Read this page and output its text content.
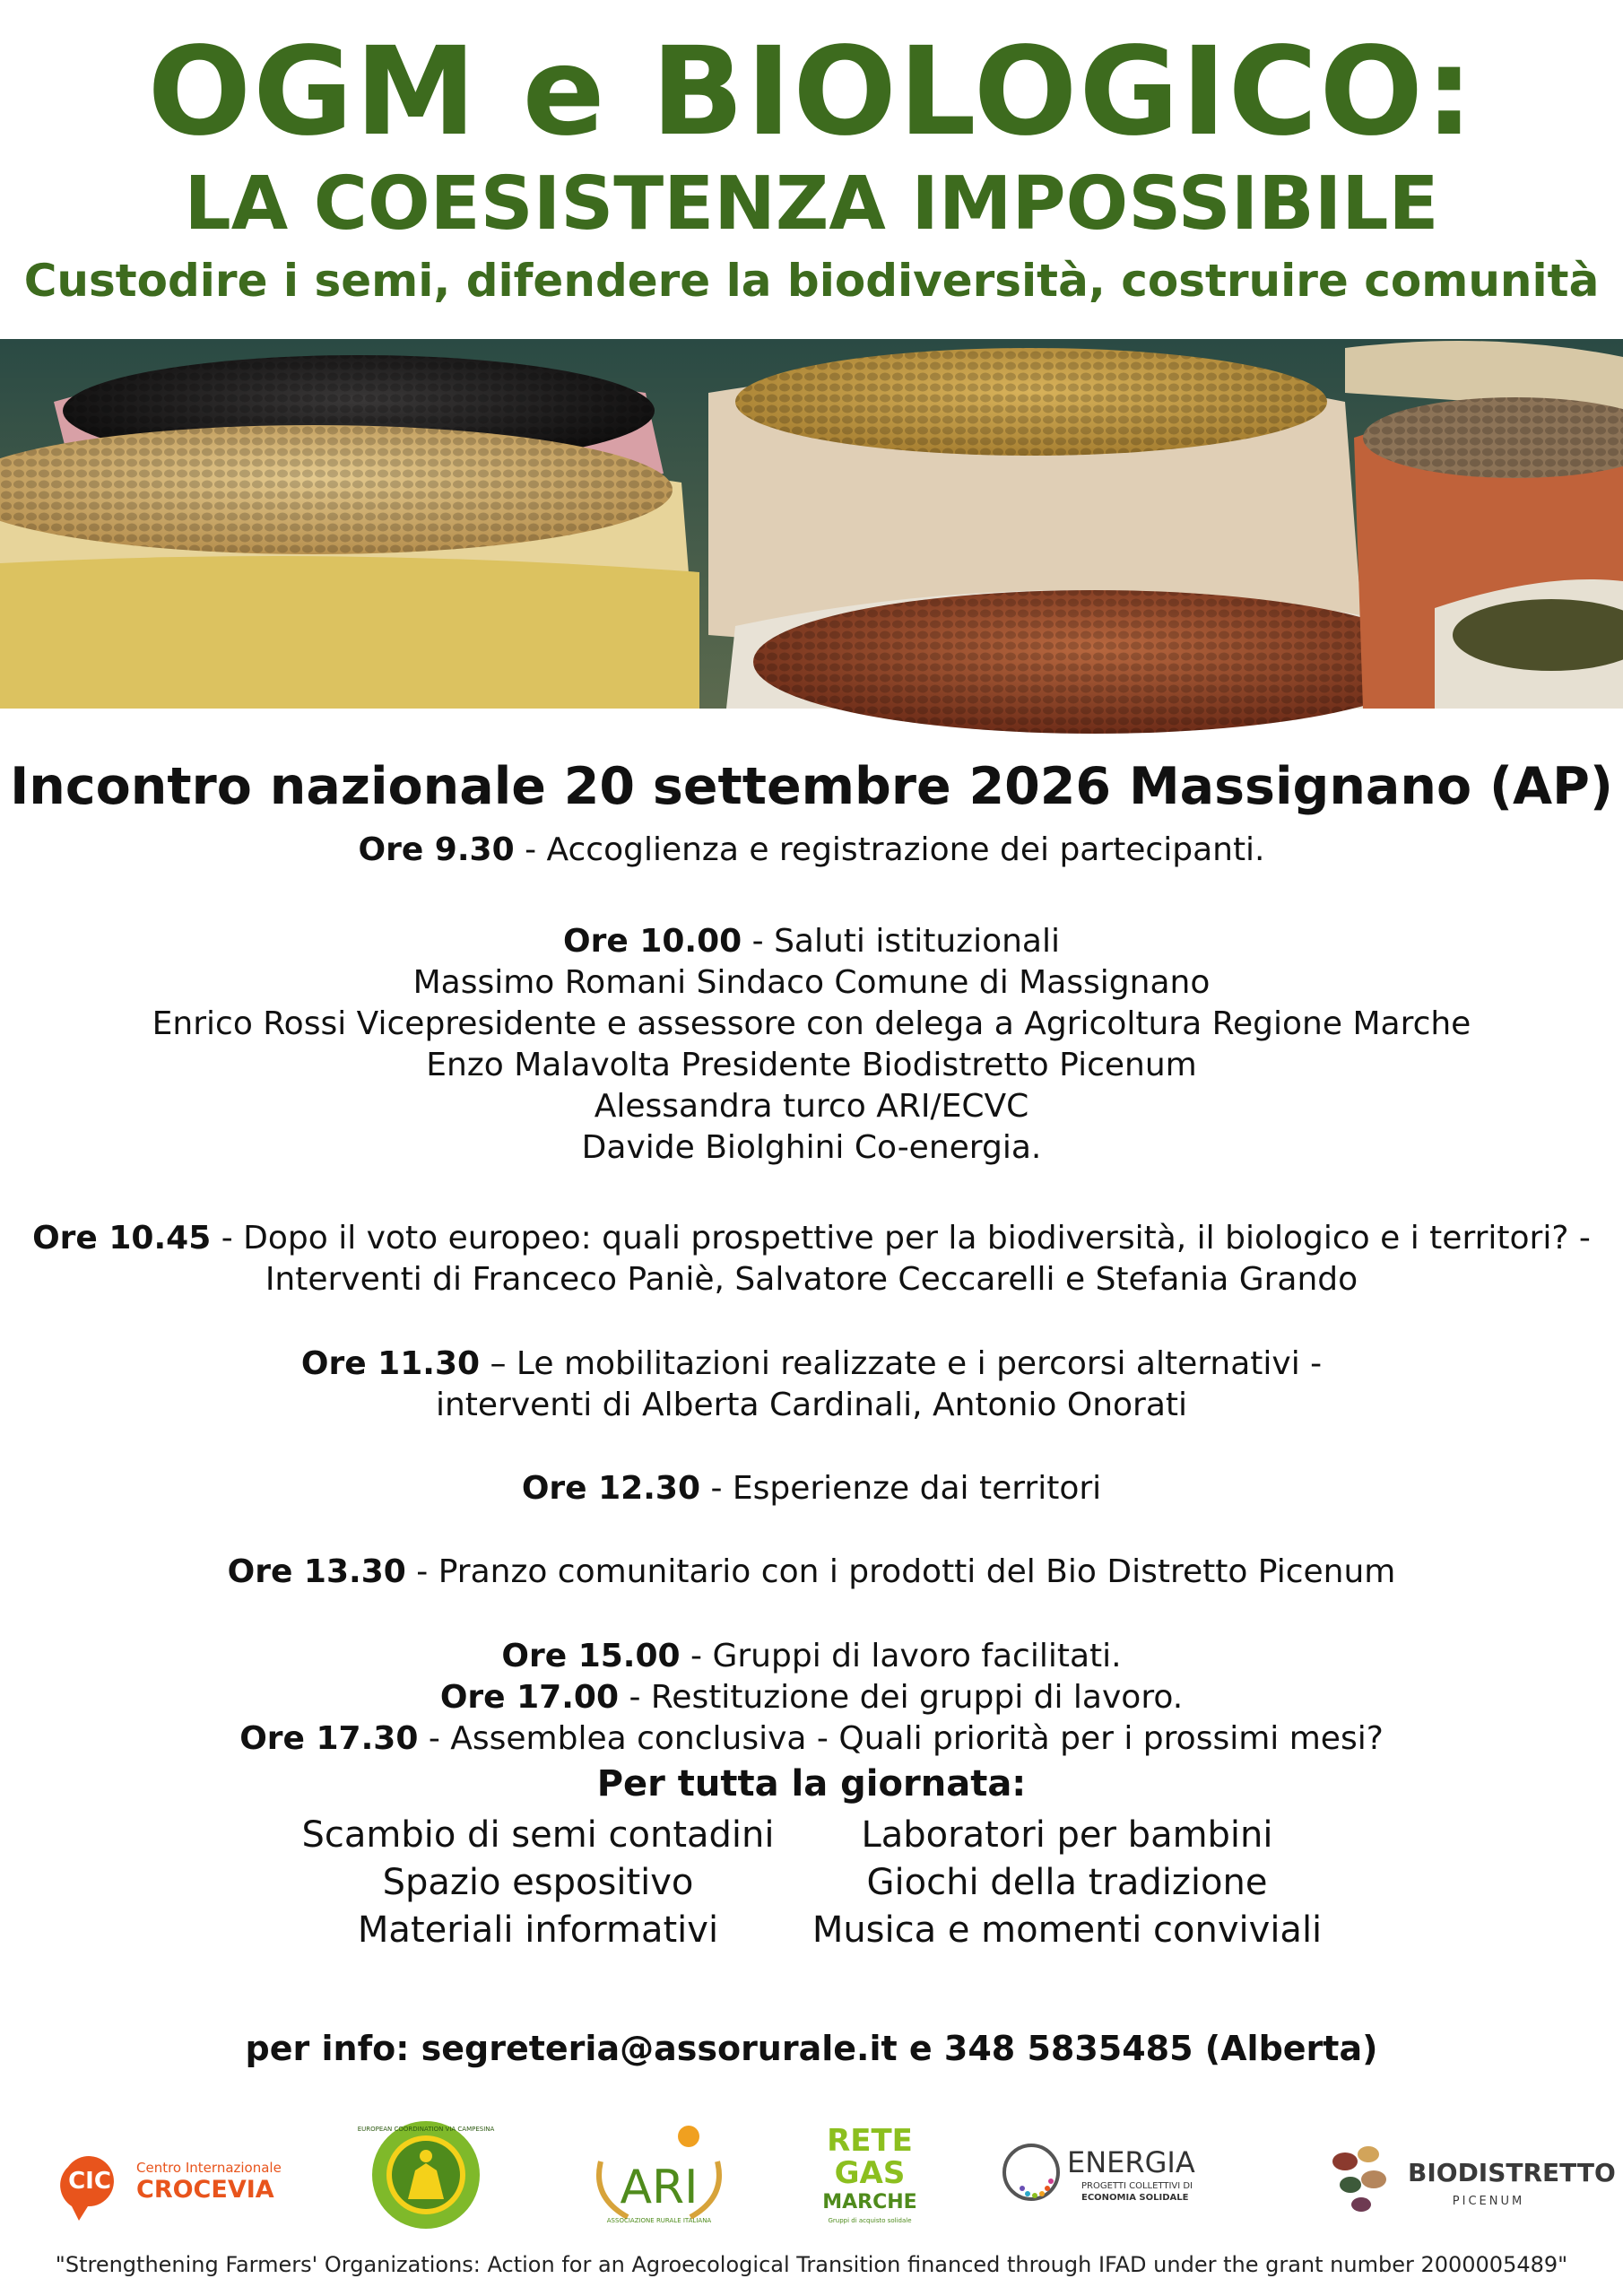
OGM e BIOLOGICO:
LA COESISTENZA IMPOSSIBILE
Custodire i semi, difendere la biodiversità, costruire comunità
Incontro nazionale 20 settembre 2026 Massignano (AP)
Ore 9.30 - Accoglienza e registrazione dei partecipanti.
Ore 10.00 - Saluti istituzionali
Massimo Romani Sindaco Comune di Massignano
Enrico Rossi Vicepresidente e assessore con delega a Agricoltura Regione Marche
Enzo Malavolta Presidente Biodistretto Picenum
Alessandra turco ARI/ECVC
Davide Biolghini Co-energia.
Ore 10.45 - Dopo il voto europeo: quali prospettive per la biodiversità, il biologico e i territori? -
Interventi di Franceco Paniè, Salvatore Ceccarelli e Stefania Grando
Ore 11.30 – Le mobilitazioni realizzate e i percorsi alternativi -
interventi di Alberta Cardinali, Antonio Onorati
Ore 12.30 - Esperienze dai territori
Ore 13.30 - Pranzo comunitario con i prodotti del Bio Distretto Picenum
Ore 15.00 - Gruppi di lavoro facilitati.
Ore 17.00 - Restituzione dei gruppi di lavoro.
Ore 17.30 - Assemblea conclusiva - Quali priorità per i prossimi mesi?
Per tutta la giornata:
Scambio di semi contadini
Spazio espositivo
Materiali informativi
Laboratori per bambini
Giochi della tradizione
Musica e momenti conviviali
per info: segreteria@assorurale.it e 348 5835485 (Alberta)
CIC Centro Internazionale
CROCEVIA
EUROPEAN COORDINATION VIA CAMPESINA
ARI
ASSOCIAZIONE RURALE ITALIANA
RETE
GAS
MARCHE
Gruppi di acquisto solidale
ENERGIA
PROGETTI COLLETTIVI DI
ECONOMIA SOLIDALE
BIODISTRETTO
PICENUM
"Strengthening Farmers' Organizations: Action for an Agroecological Transition financed through IFAD under the grant number 2000005489"
